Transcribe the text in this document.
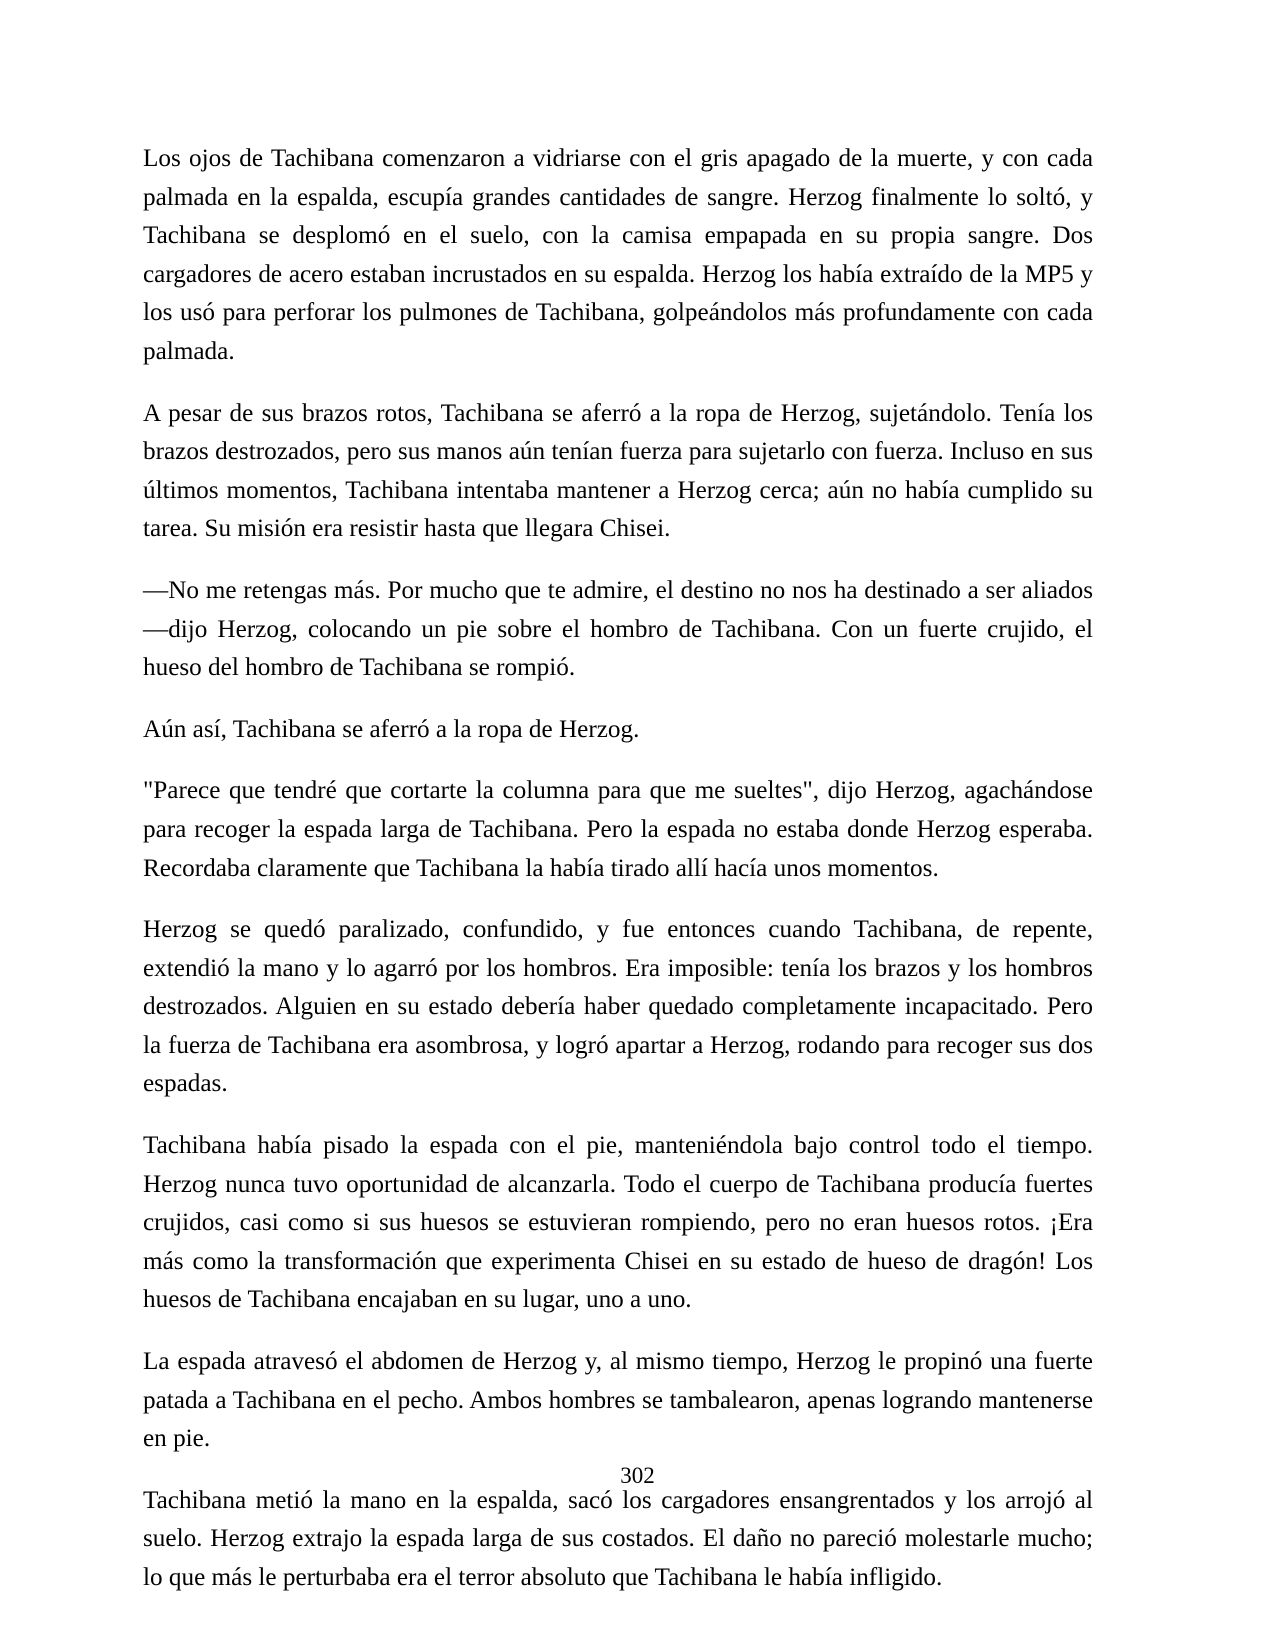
Los ojos de Tachibana comenzaron a vidriarse con el gris apagado de la muerte, y con cada palmada en la espalda, escupía grandes cantidades de sangre. Herzog finalmente lo soltó, y Tachibana se desplomó en el suelo, con la camisa empapada en su propia sangre. Dos cargadores de acero estaban incrustados en su espalda. Herzog los había extraído de la MP5 y los usó para perforar los pulmones de Tachibana, golpeándolos más profundamente con cada palmada.

A pesar de sus brazos rotos, Tachibana se aferró a la ropa de Herzog, sujetándolo. Tenía los brazos destrozados, pero sus manos aún tenían fuerza para sujetarlo con fuerza. Incluso en sus últimos momentos, Tachibana intentaba mantener a Herzog cerca; aún no había cumplido su tarea. Su misión era resistir hasta que llegara Chisei.

—No me retengas más. Por mucho que te admire, el destino no nos ha destinado a ser aliados —dijo Herzog, colocando un pie sobre el hombro de Tachibana. Con un fuerte crujido, el hueso del hombro de Tachibana se rompió.

Aún así, Tachibana se aferró a la ropa de Herzog.

"Parece que tendré que cortarte la columna para que me sueltes", dijo Herzog, agachándose para recoger la espada larga de Tachibana. Pero la espada no estaba donde Herzog esperaba. Recordaba claramente que Tachibana la había tirado allí hacía unos momentos.

Herzog se quedó paralizado, confundido, y fue entonces cuando Tachibana, de repente, extendió la mano y lo agarró por los hombros. Era imposible: tenía los brazos y los hombros destrozados. Alguien en su estado debería haber quedado completamente incapacitado. Pero la fuerza de Tachibana era asombrosa, y logró apartar a Herzog, rodando para recoger sus dos espadas.

Tachibana había pisado la espada con el pie, manteniéndola bajo control todo el tiempo. Herzog nunca tuvo oportunidad de alcanzarla. Todo el cuerpo de Tachibana producía fuertes crujidos, casi como si sus huesos se estuvieran rompiendo, pero no eran huesos rotos. ¡Era más como la transformación que experimenta Chisei en su estado de hueso de dragón! Los huesos de Tachibana encajaban en su lugar, uno a uno.

La espada atravesó el abdomen de Herzog y, al mismo tiempo, Herzog le propinó una fuerte patada a Tachibana en el pecho. Ambos hombres se tambalearon, apenas logrando mantenerse en pie.

Tachibana metió la mano en la espalda, sacó los cargadores ensangrentados y los arrojó al suelo. Herzog extrajo la espada larga de sus costados. El daño no pareció molestarle mucho; lo que más le perturbaba era el terror absoluto que Tachibana le había infligido.

302
